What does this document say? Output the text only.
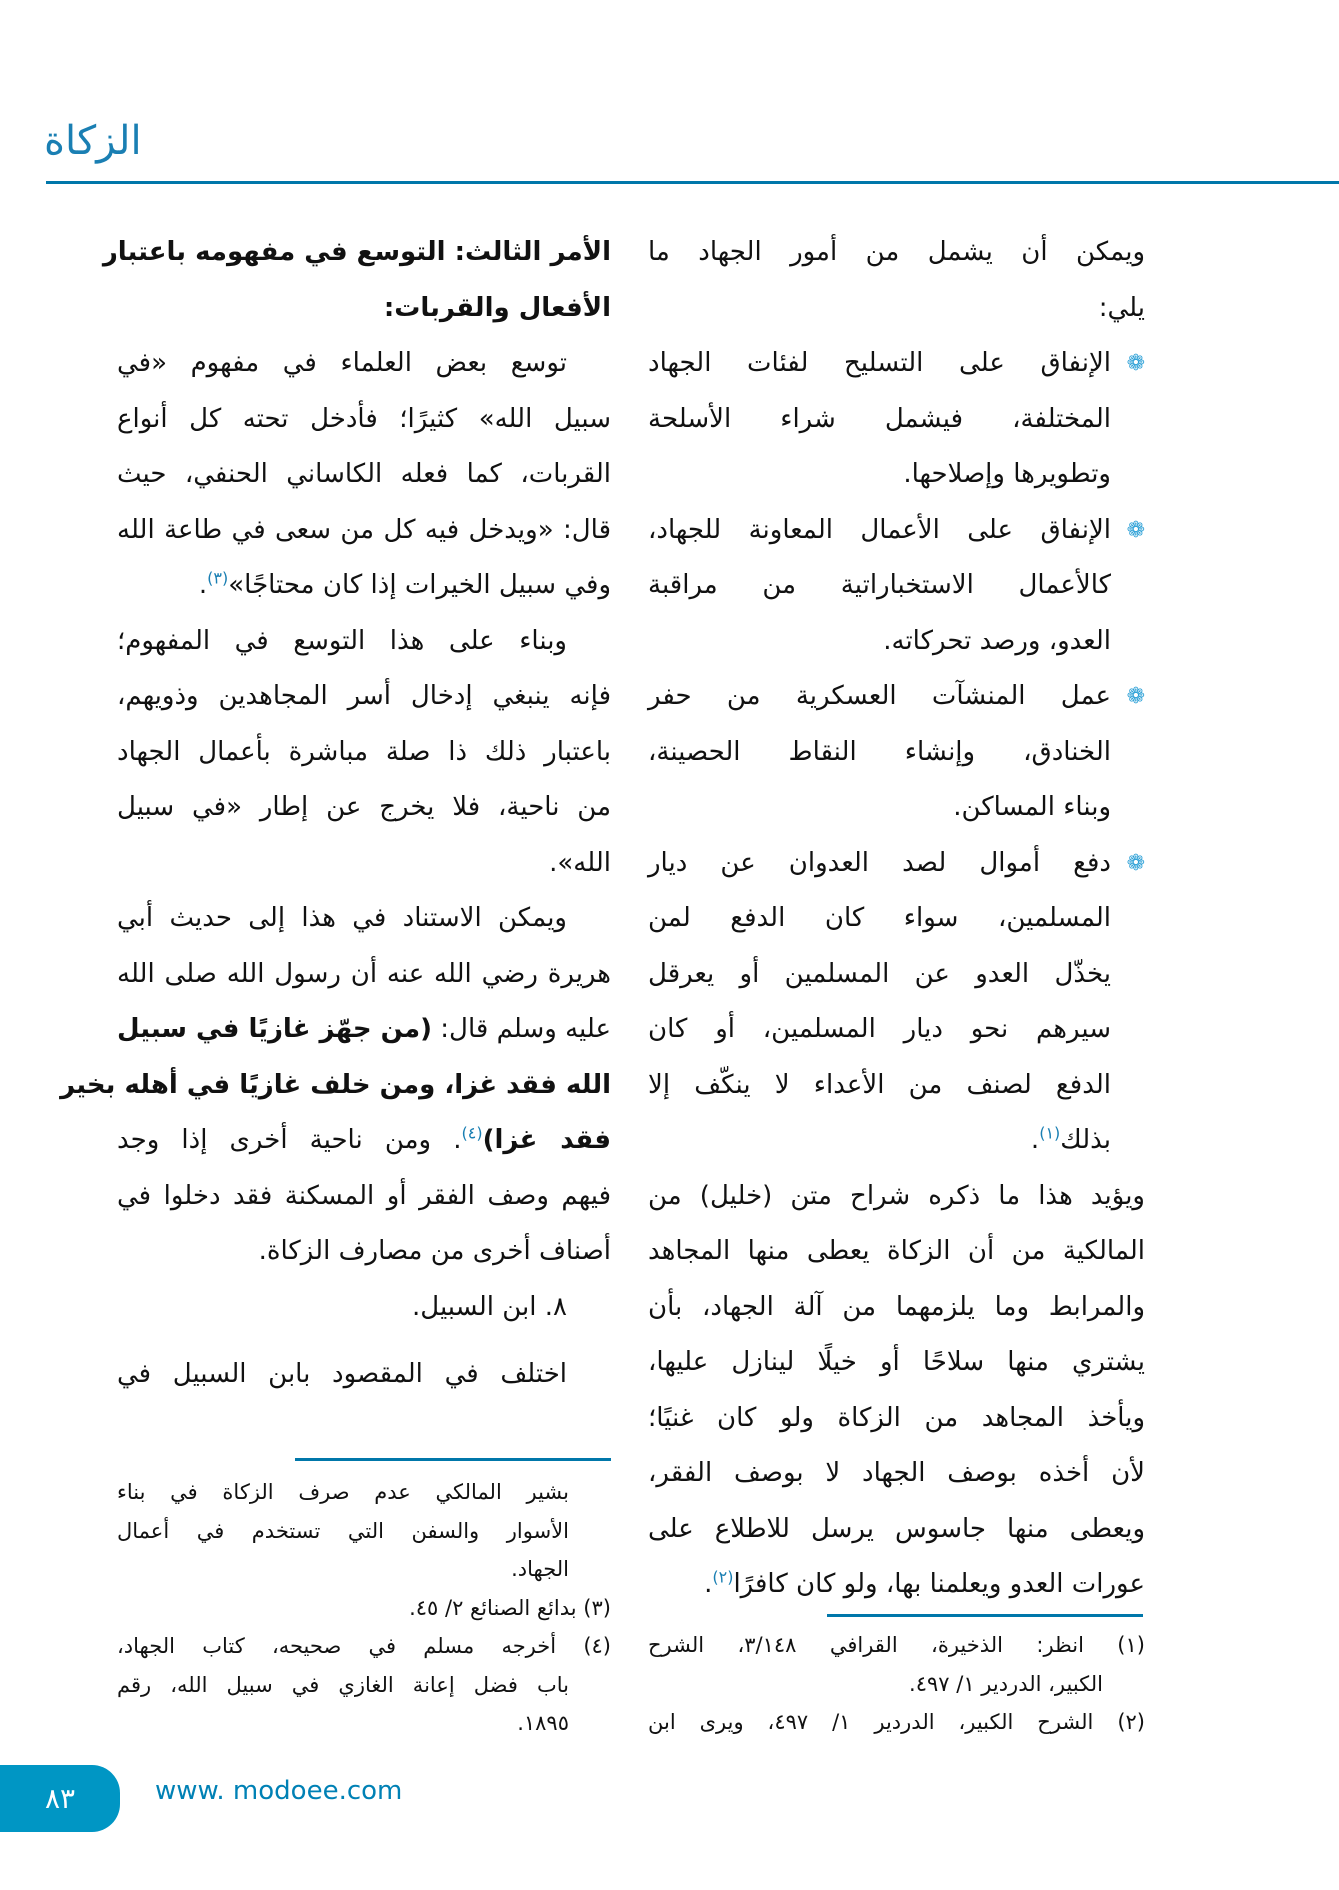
الزكاة
ويمكن أن يشمل من أمور الجهاد ما
يلي:
❁
الإنفاق على التسليح لفئات الجهاد
المختلفة، فيشمل شراء الأسلحة
وتطويرها وإصلاحها.
❁
الإنفاق على الأعمال المعاونة للجهاد،
كالأعمال الاستخباراتية من مراقبة
العدو، ورصد تحركاته.
❁
عمل المنشآت العسكرية من حفر
الخنادق، وإنشاء النقاط الحصينة،
وبناء المساكن.
❁
دفع أموال لصد العدوان عن ديار
المسلمين، سواء كان الدفع لمن
يخذّل العدو عن المسلمين أو يعرقل
سيرهم نحو ديار المسلمين، أو كان
الدفع لصنف من الأعداء لا ينكّف إلا
بذلك$^{(١)}$.
ويؤيد هذا ما ذكره شراح متن (خليل) من
المالكية من أن الزكاة يعطى منها المجاهد
والمرابط وما يلزمهما من آلة الجهاد، بأن
يشتري منها سلاحًا أو خيلًا لينازل عليها،
ويأخذ المجاهد من الزكاة ولو كان غنيًا؛
لأن أخذه بوصف الجهاد لا بوصف الفقر،
ويعطى منها جاسوس يرسل للاطلاع على
عورات العدو ويعلمنا بها، ولو كان كافرًا$^{(٢)}$.
الأمر الثالث: التوسع في مفهومه باعتبار
الأفعال والقربات:
توسع بعض العلماء في مفهوم «في
سبيل الله» كثيرًا؛ فأدخل تحته كل أنواع
القربات، كما فعله الكاساني الحنفي، حيث
قال: «ويدخل فيه كل من سعى في طاعة الله
وفي سبيل الخيرات إذا كان محتاجًا»$^{(٣)}$.
وبناء على هذا التوسع في المفهوم؛
فإنه ينبغي إدخال أسر المجاهدين وذويهم،
باعتبار ذلك ذا صلة مباشرة بأعمال الجهاد
من ناحية، فلا يخرج عن إطار «في سبيل
الله».
ويمكن الاستناد في هذا إلى حديث أبي
هريرة رضي الله عنه أن رسول الله صلى الله
عليه وسلم قال: (من جهّز غازيًا في سبيل
الله فقد غزا، ومن خلف غازيًا في أهله بخير
فقد غزا)$^{(٤)}$. ومن ناحية أخرى إذا وجد
فيهم وصف الفقر أو المسكنة فقد دخلوا في
أصناف أخرى من مصارف الزكاة.
٨. ابن السبيل.
اختلف في المقصود بابن السبيل في
(١) انظر: الذخيرة، القرافي ٣/١٤٨، الشرح
الكبير، الدردير ١/ ٤٩٧.
(٢) الشرح الكبير، الدردير ١/ ٤٩٧، ويرى ابن
بشير المالكي عدم صرف الزكاة في بناء
الأسوار والسفن التي تستخدم في أعمال
الجهاد.
(٣) بدائع الصنائع ٢/ ٤٥.
(٤) أخرجه مسلم في صحيحه، كتاب الجهاد،
باب فضل إعانة الغازي في سبيل الله، رقم
١٨٩٥.
٨٣	www. modoee.com
